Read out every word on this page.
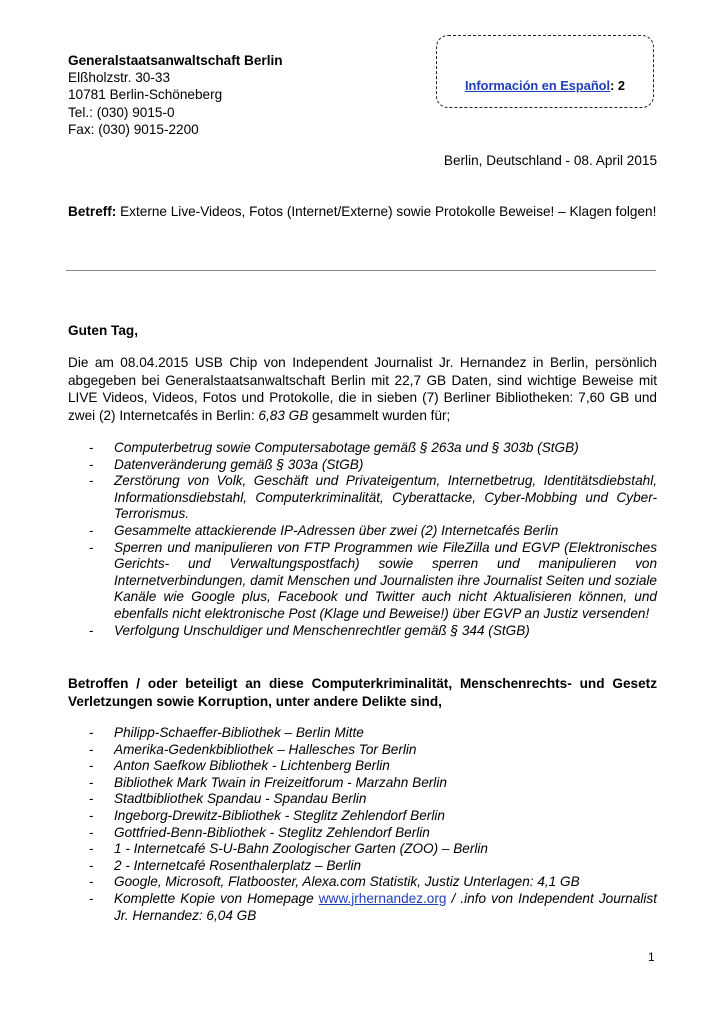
Generalstaatsanwaltschaft Berlin
Elßholzstr. 30-33
10781 Berlin-Schöneberg
Tel.: (030) 9015-0
Fax: (030) 9015-2200
Información en Español: 2
Berlin, Deutschland - 08. April 2015
Betreff: Externe Live-Videos, Fotos (Internet/Externe) sowie Protokolle Beweise! – Klagen folgen!
Guten Tag,
Die am 08.04.2015 USB Chip von Independent Journalist Jr. Hernandez in Berlin, persönlich abgegeben bei Generalstaatsanwaltschaft Berlin mit 22,7 GB Daten, sind wichtige Beweise mit LIVE Videos, Videos, Fotos und Protokolle, die in sieben (7) Berliner Bibliotheken: 7,60 GB und zwei (2) Internetcafés in Berlin: 6,83 GB gesammelt wurden für;
- Computerbetrug sowie Computersabotage gemäß § 263a und § 303b (StGB)
- Datenveränderung gemäß § 303a (StGB)
- Zerstörung von Volk, Geschäft und Privateigentum, Internetbetrug, Identitätsdiebstahl, Informationsdiebstahl, Computerkriminalität, Cyberattacke, Cyber-Mobbing und Cyber-Terrorismus.
- Gesammelte attackierende IP-Adressen über zwei (2) Internetcafés Berlin
- Sperren und manipulieren von FTP Programmen wie FileZilla und EGVP (Elektronisches Gerichts- und Verwaltungspostfach) sowie sperren und manipulieren von Internetverbindungen, damit Menschen und Journalisten ihre Journalist Seiten und soziale Kanäle wie Google plus, Facebook und Twitter auch nicht Aktualisieren können, und ebenfalls nicht elektronische Post (Klage und Beweise!) über EGVP an Justiz versenden!
- Verfolgung Unschuldiger und Menschenrechtler gemäß § 344 (StGB)
Betroffen / oder beteiligt an diese Computerkriminalität, Menschenrechts- und Gesetz Verletzungen sowie Korruption, unter andere Delikte sind,
- Philipp-Schaeffer-Bibliothek – Berlin Mitte
- Amerika-Gedenkbibliothek – Hallesches Tor Berlin
- Anton Saefkow Bibliothek - Lichtenberg Berlin
- Bibliothek Mark Twain in Freizeitforum - Marzahn Berlin
- Stadtbibliothek Spandau - Spandau Berlin
- Ingeborg-Drewitz-Bibliothek - Steglitz Zehlendorf Berlin
- Gottfried-Benn-Bibliothek - Steglitz Zehlendorf Berlin
- 1 - Internetcafé S-U-Bahn Zoologischer Garten (ZOO) – Berlin
- 2 - Internetcafé Rosenthalerplatz – Berlin
- Google, Microsoft, Flatbooster, Alexa.com Statistik, Justiz Unterlagen: 4,1 GB
- Komplette Kopie von Homepage www.jrhernandez.org / .info von Independent Journalist Jr. Hernandez: 6,04 GB
1
